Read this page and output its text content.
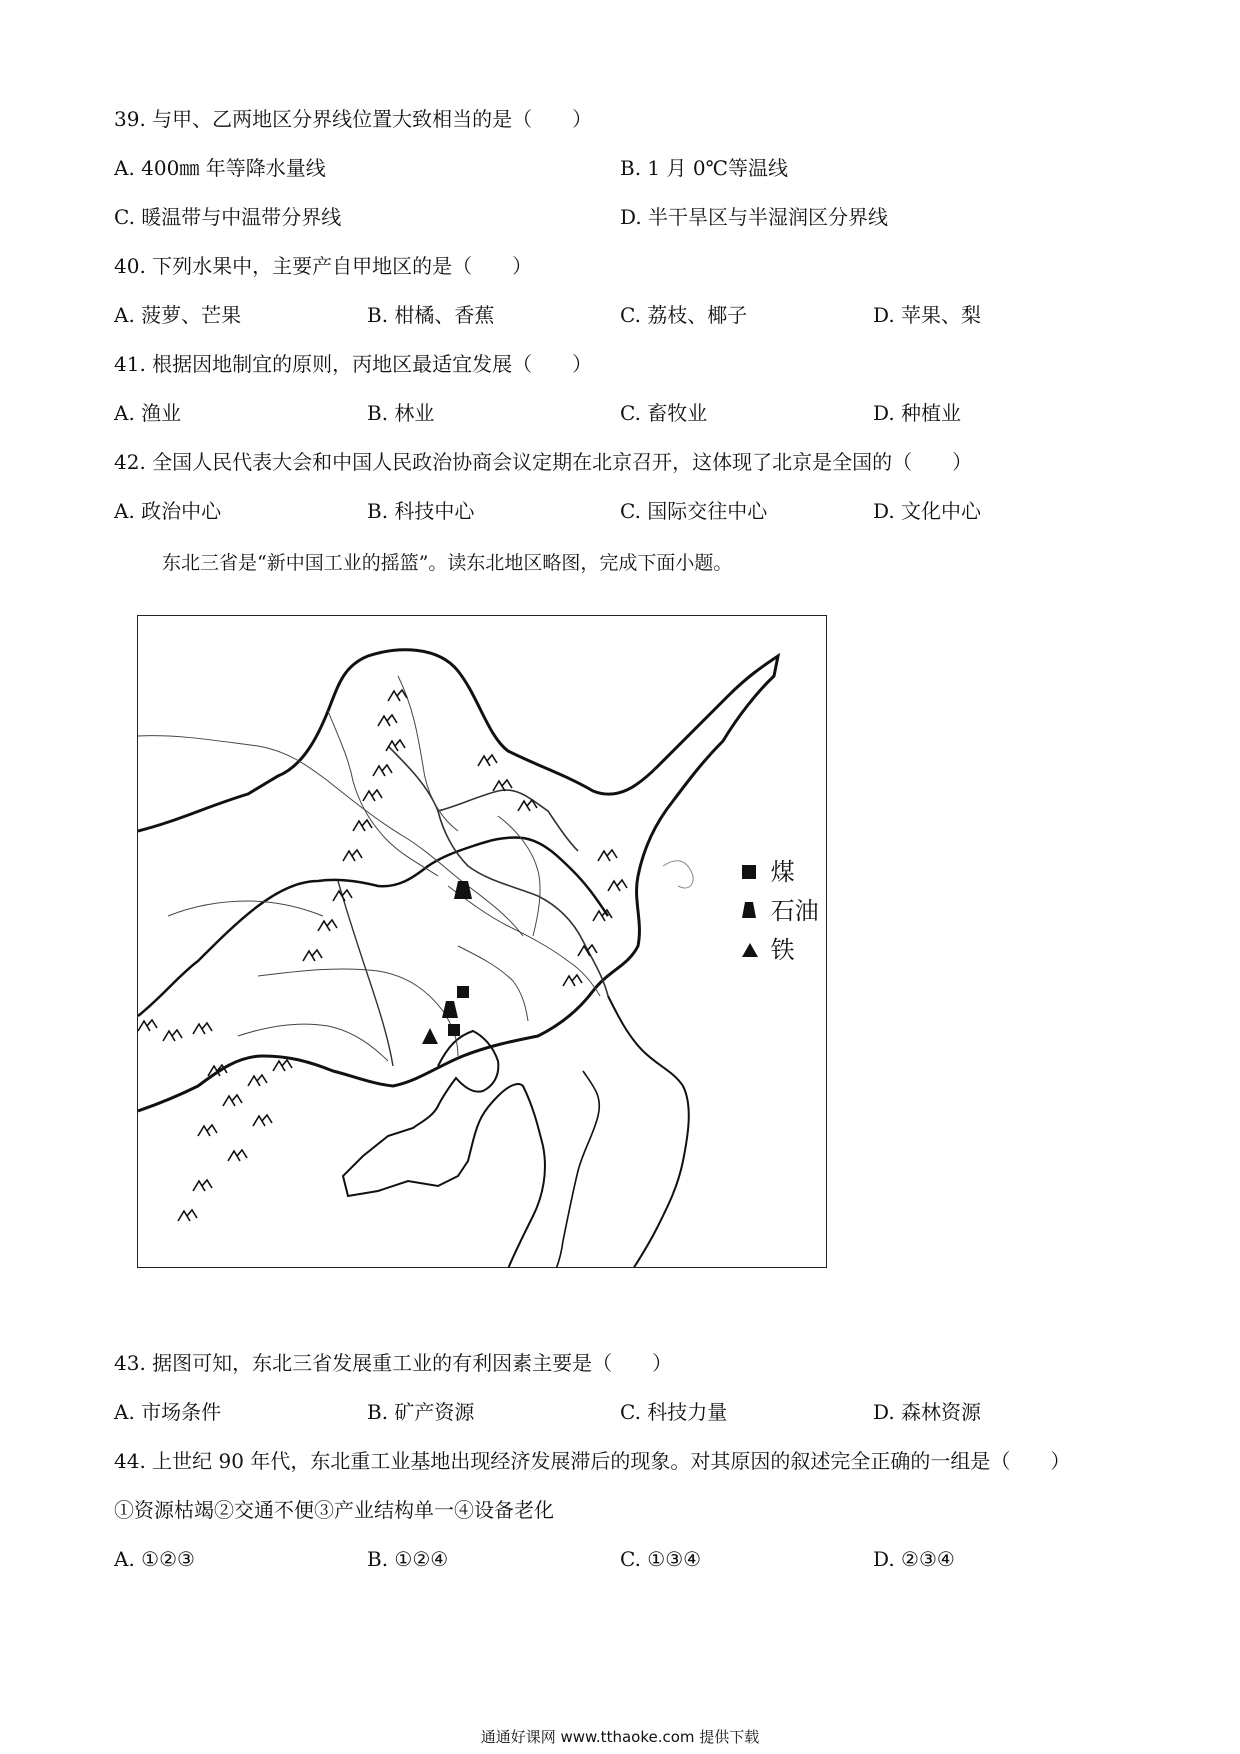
39. 与甲、乙两地区分界线位置大致相当的是（　　）
A. 400㎜ 年等降水量线	B. 1 月 0℃等温线
C. 暖温带与中温带分界线	D. 半干旱区与半湿润区分界线
40. 下列水果中，主要产自甲地区的是（　　）
A. 菠萝、芒果	B. 柑橘、香蕉	C. 荔枝、椰子	D. 苹果、梨
41. 根据因地制宜的原则，丙地区最适宜发展（　　）
A. 渔业	B. 林业	C. 畜牧业	D. 种植业
42. 全国人民代表大会和中国人民政治协商会议定期在北京召开，这体现了北京是全国的（　　）
A. 政治中心	B. 科技中心	C. 国际交往中心	D. 文化中心
东北三省是“新中国工业的摇篮”。读东北地区略图，完成下面小题。
煤
石油
铁
43. 据图可知，东北三省发展重工业的有利因素主要是（　　）
A. 市场条件	B. 矿产资源	C. 科技力量	D. 森林资源
44. 上世纪 90 年代，东北重工业基地出现经济发展滞后的现象。对其原因的叙述完全正确的一组是（　　）
①资源枯竭②交通不便③产业结构单一④设备老化
A. ①②③	B. ①②④	C. ①③④	D. ②③④
通通好课网 www.tthaoke.com 提供下载
